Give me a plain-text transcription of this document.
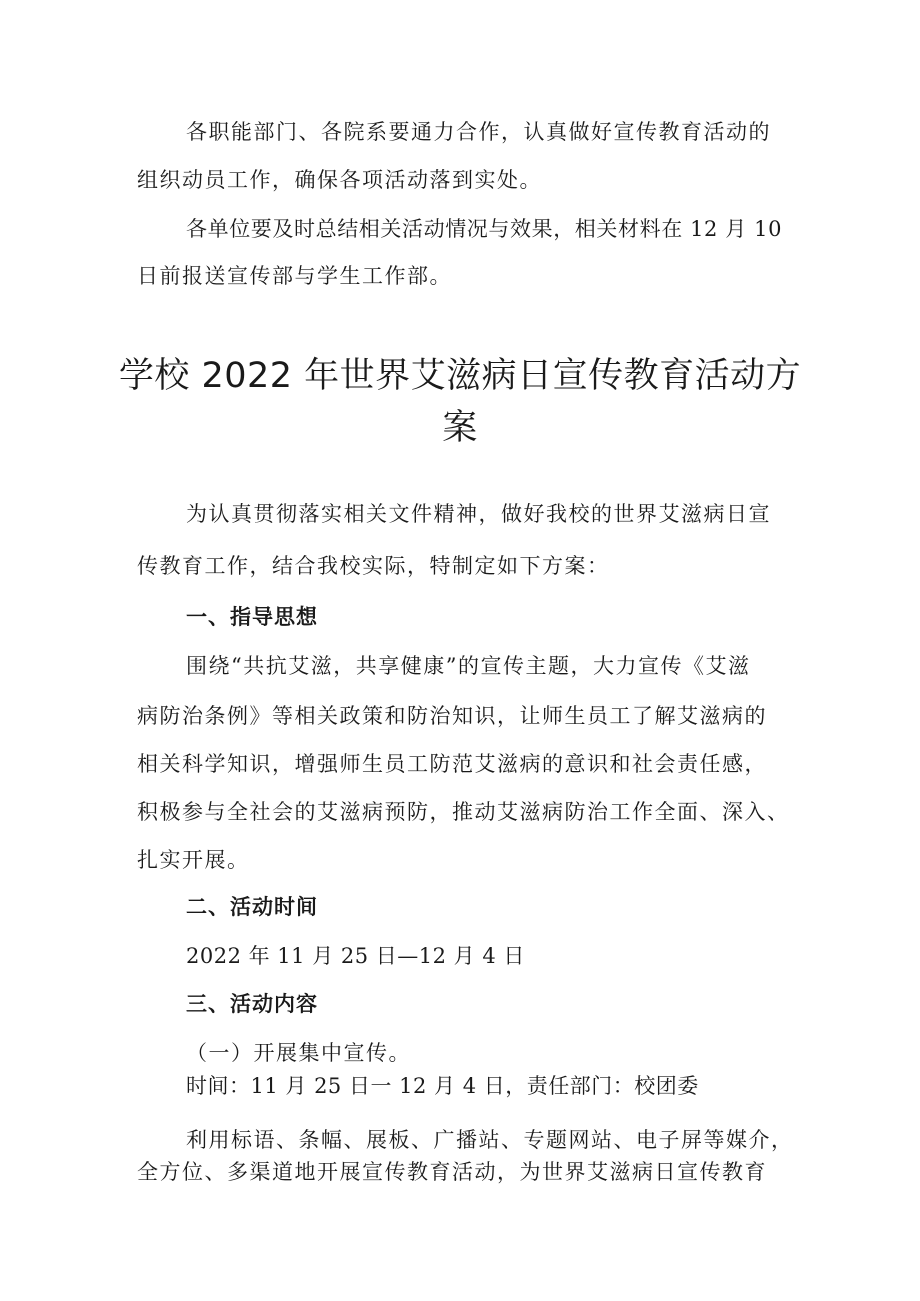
各职能部门、各院系要通力合作，认真做好宣传教育活动的
组织动员工作，确保各项活动落到实处。
各单位要及时总结相关活动情况与效果，相关材料在 12 月 10
日前报送宣传部与学生工作部。
学校 2022 年世界艾滋病日宣传教育活动方
案
为认真贯彻落实相关文件精神，做好我校的世界艾滋病日宣
传教育工作，结合我校实际，特制定如下方案：
一、指导思想
围绕“共抗艾滋，共享健康”的宣传主题，大力宣传《艾滋
病防治条例》等相关政策和防治知识，让师生员工了解艾滋病的
相关科学知识，增强师生员工防范艾滋病的意识和社会责任感，
积极参与全社会的艾滋病预防，推动艾滋病防治工作全面、深入、
扎实开展。
二、活动时间
2022 年 11 月 25 日—12 月 4 日
三、活动内容
（一）开展集中宣传。
时间：11 月 25 日一 12 月 4 日，责任部门：校团委
利用标语、条幅、展板、广播站、专题网站、电子屏等媒介，
全方位、多渠道地开展宣传教育活动，为世界艾滋病日宣传教育
